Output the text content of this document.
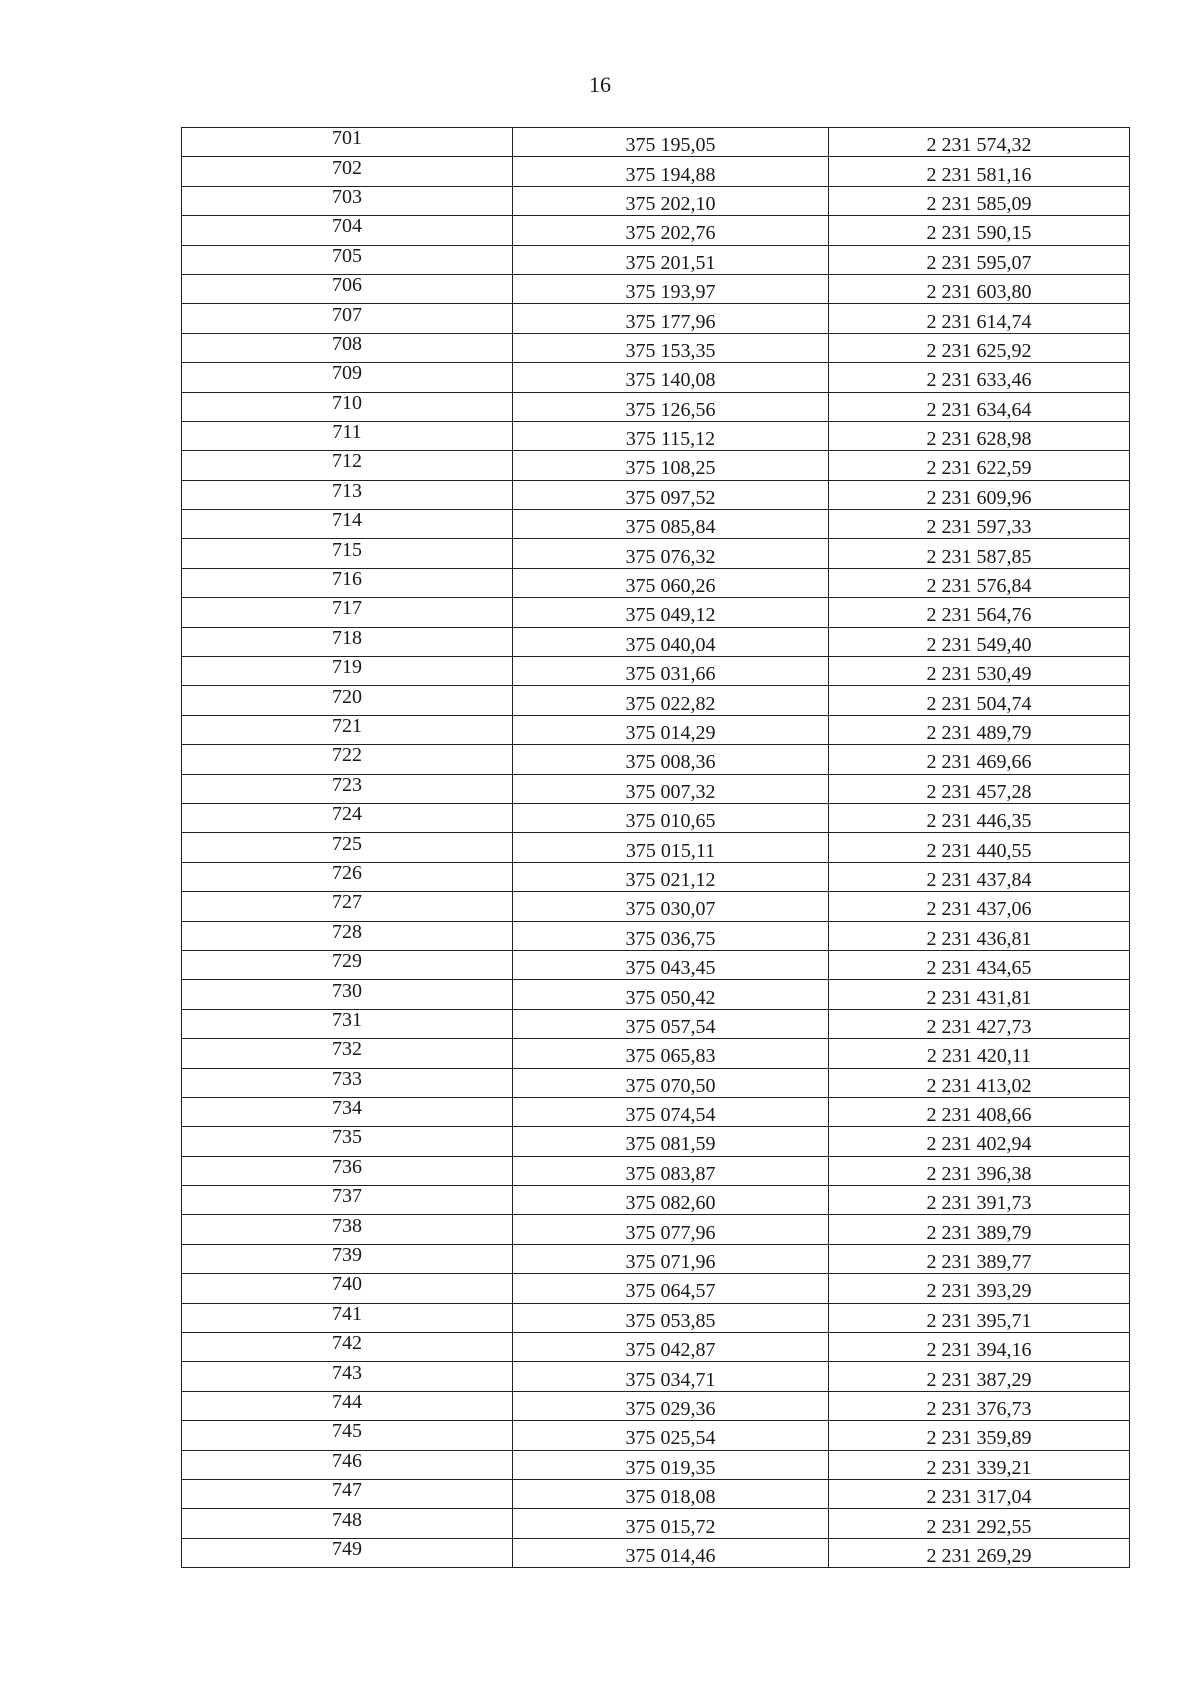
16
701	375 195,05	2 231 574,32
702	375 194,88	2 231 581,16
703	375 202,10	2 231 585,09
704	375 202,76	2 231 590,15
705	375 201,51	2 231 595,07
706	375 193,97	2 231 603,80
707	375 177,96	2 231 614,74
708	375 153,35	2 231 625,92
709	375 140,08	2 231 633,46
710	375 126,56	2 231 634,64
711	375 115,12	2 231 628,98
712	375 108,25	2 231 622,59
713	375 097,52	2 231 609,96
714	375 085,84	2 231 597,33
715	375 076,32	2 231 587,85
716	375 060,26	2 231 576,84
717	375 049,12	2 231 564,76
718	375 040,04	2 231 549,40
719	375 031,66	2 231 530,49
720	375 022,82	2 231 504,74
721	375 014,29	2 231 489,79
722	375 008,36	2 231 469,66
723	375 007,32	2 231 457,28
724	375 010,65	2 231 446,35
725	375 015,11	2 231 440,55
726	375 021,12	2 231 437,84
727	375 030,07	2 231 437,06
728	375 036,75	2 231 436,81
729	375 043,45	2 231 434,65
730	375 050,42	2 231 431,81
731	375 057,54	2 231 427,73
732	375 065,83	2 231 420,11
733	375 070,50	2 231 413,02
734	375 074,54	2 231 408,66
735	375 081,59	2 231 402,94
736	375 083,87	2 231 396,38
737	375 082,60	2 231 391,73
738	375 077,96	2 231 389,79
739	375 071,96	2 231 389,77
740	375 064,57	2 231 393,29
741	375 053,85	2 231 395,71
742	375 042,87	2 231 394,16
743	375 034,71	2 231 387,29
744	375 029,36	2 231 376,73
745	375 025,54	2 231 359,89
746	375 019,35	2 231 339,21
747	375 018,08	2 231 317,04
748	375 015,72	2 231 292,55
749	375 014,46	2 231 269,29
